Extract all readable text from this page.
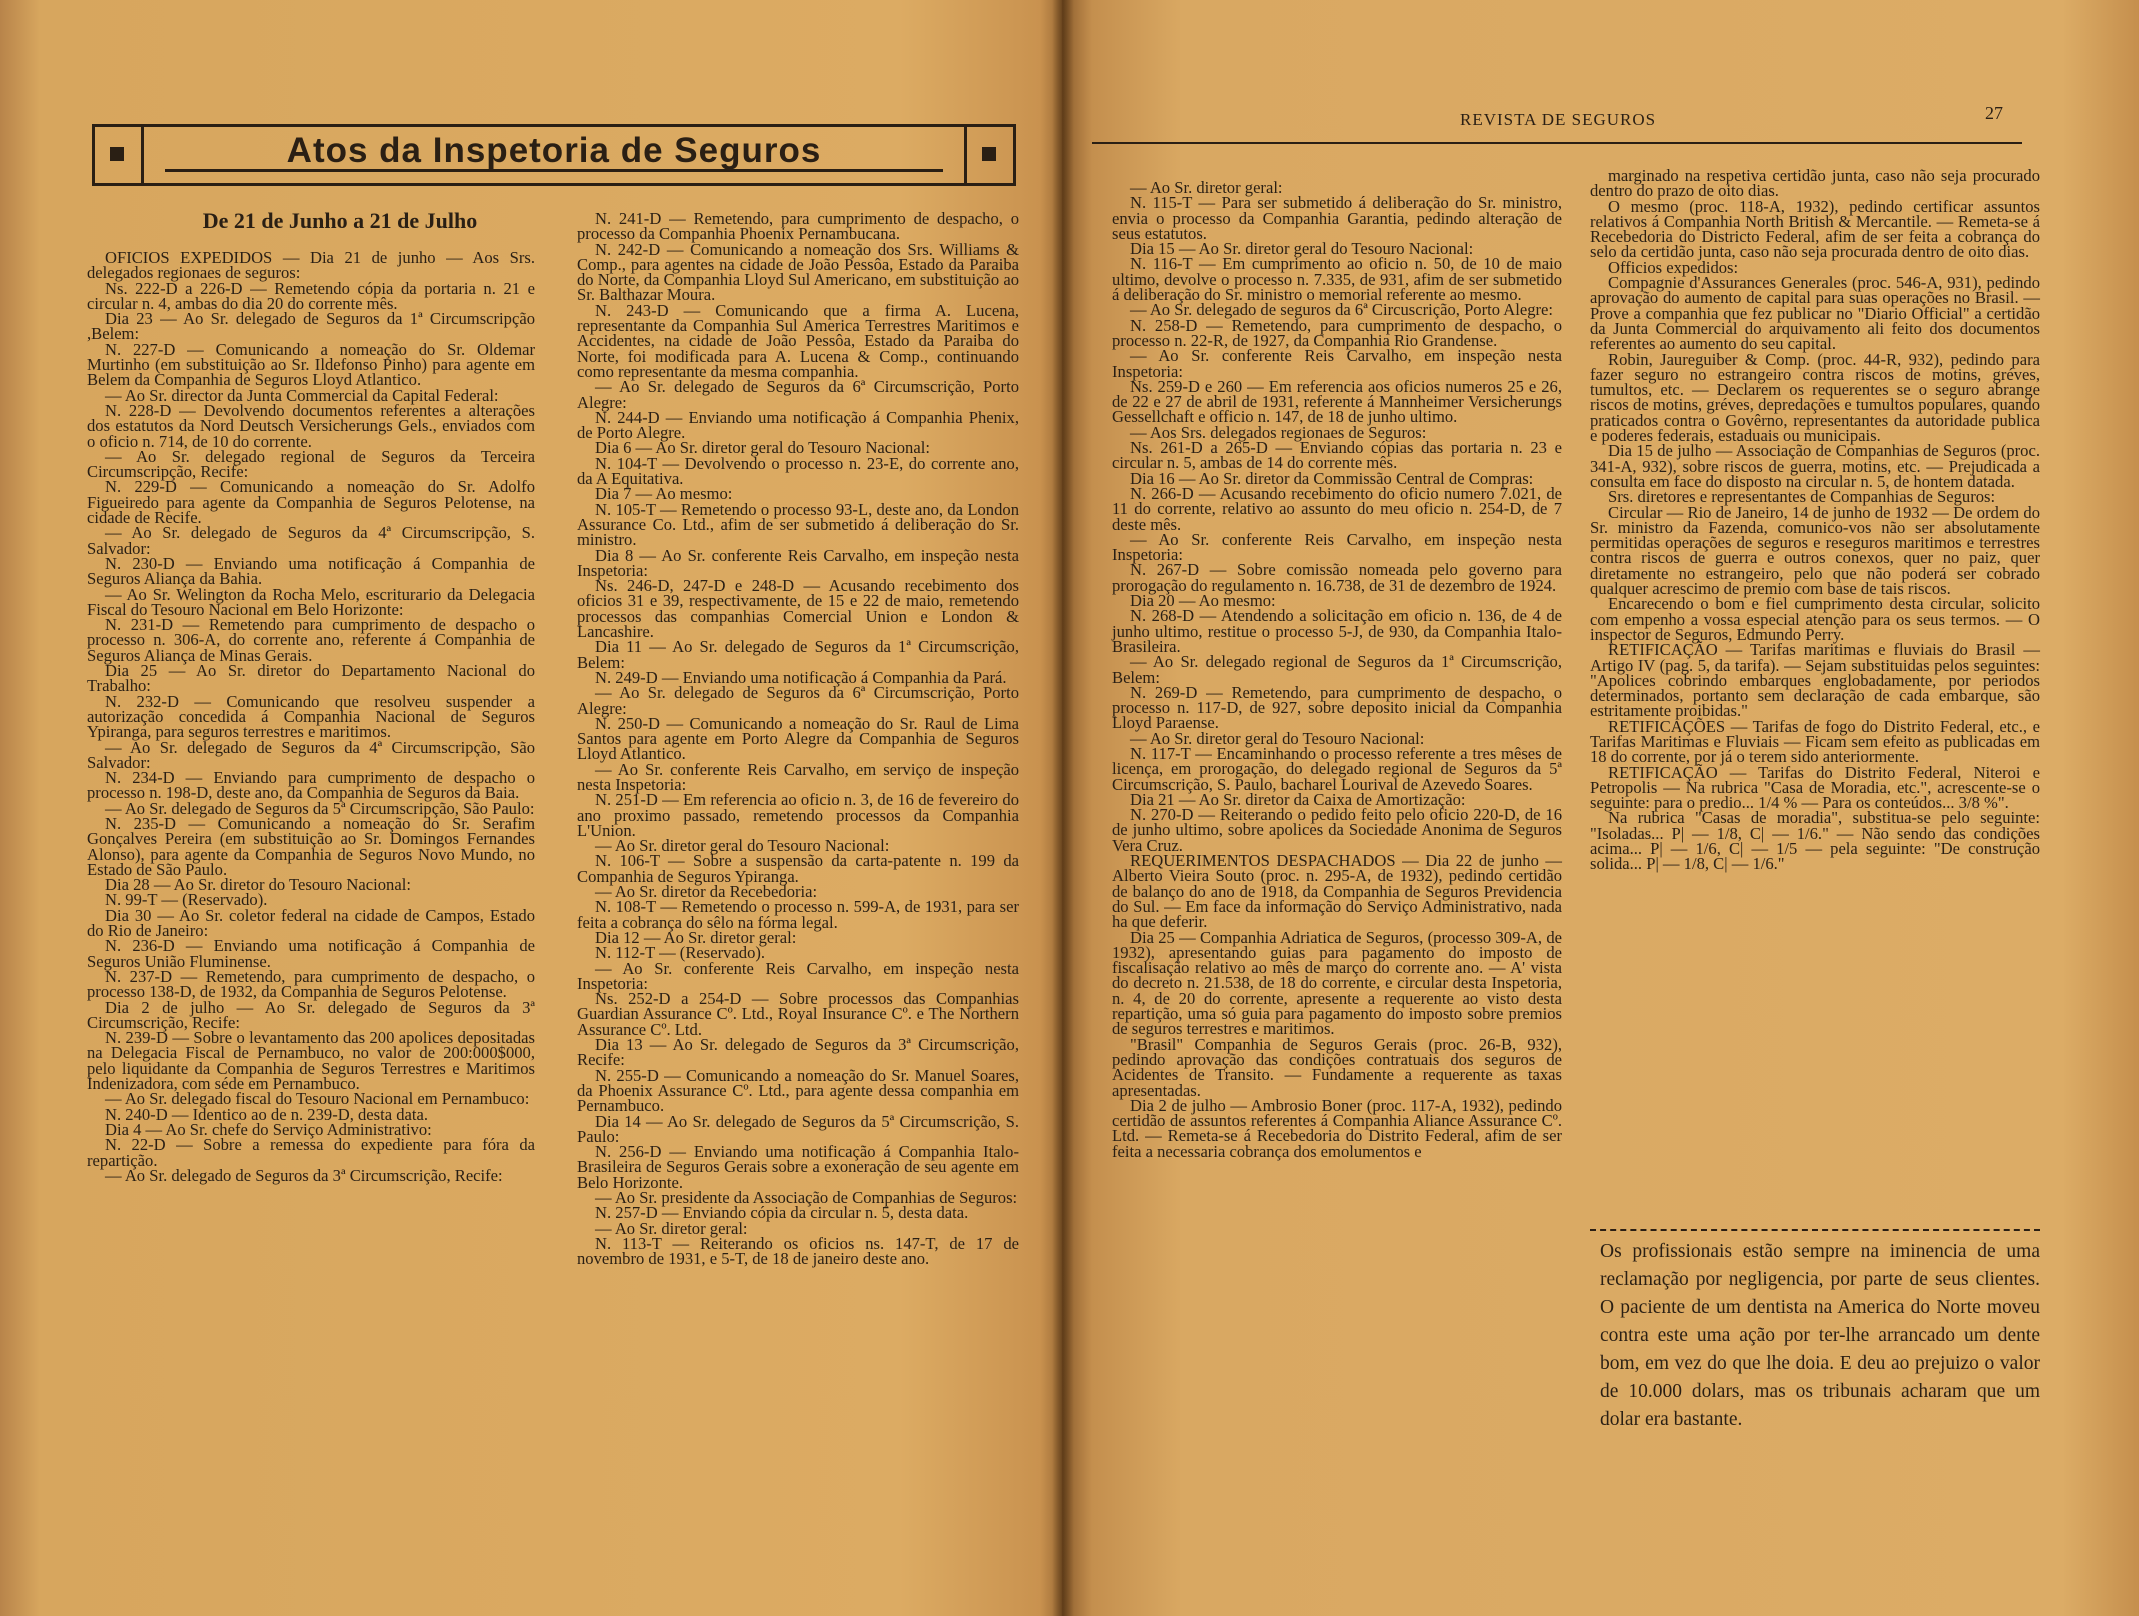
Atos da Inspetoria de Seguros
De 21 de Junho a 21 de Julho

OFICIOS EXPEDIDOS — Dia 21 de junho — Aos Srs. delegados regionaes de seguros:

Ns. 222-D a 226-D — Remetendo cópia da portaria n. 21 e circular n. 4, ambas do dia 20 do corrente mês.

Dia 23 — Ao Sr. delegado de Seguros da 1ª Circumscripção ,Belem:

N. 227-D — Comunicando a nomeação do Sr. Oldemar Murtinho (em substituição ao Sr. Ildefonso Pinho) para agente em Belem da Companhia de Seguros Lloyd Atlantico.

— Ao Sr. director da Junta Commercial da Capital Federal:

N. 228-D — Devolvendo documentos referentes a alterações dos estatutos da Nord Deutsch Versicherungs Gels., enviados com o oficio n. 714, de 10 do corrente.

— Ao Sr. delegado regional de Seguros da Terceira Circumscripção, Recife:

N. 229-D — Comunicando a nomeação do Sr. Adolfo Figueiredo para agente da Companhia de Seguros Pelotense, na cidade de Recife.

— Ao Sr. delegado de Seguros da 4ª Circumscripção, S. Salvador:

N. 230-D — Enviando uma notificação á Companhia de Seguros Aliança da Bahia.

— Ao Sr. Welington da Rocha Melo, escriturario da Delegacia Fiscal do Tesouro Nacional em Belo Horizonte:

N. 231-D — Remetendo para cumprimento de despacho o processo n. 306-A, do corrente ano, referente á Companhia de Seguros Aliança de Minas Gerais.

Dia 25 — Ao Sr. diretor do Departamento Nacional do Trabalho:

N. 232-D — Comunicando que resolveu suspender a autorização concedida á Companhia Nacional de Seguros Ypiranga, para seguros terrestres e maritimos.

— Ao Sr. delegado de Seguros da 4ª Circumscripção, São Salvador:

N. 234-D — Enviando para cumprimento de despacho o processo n. 198-D, deste ano, da Companhia de Seguros da Baia.

— Ao Sr. delegado de Seguros da 5ª Circumscripção, São Paulo:

N. 235-D — Comunicando a nomeação do Sr. Serafim Gonçalves Pereira (em substituição ao Sr. Domingos Fernandes Alonso), para agente da Companhia de Seguros Novo Mundo, no Estado de São Paulo.

Dia 28 — Ao Sr. diretor do Tesouro Nacional:

N. 99-T — (Reservado).

Dia 30 — Ao Sr. coletor federal na cidade de Campos, Estado do Rio de Janeiro:

N. 236-D — Enviando uma notificação á Companhia de Seguros União Fluminense.

N. 237-D — Remetendo, para cumprimento de despacho, o processo 138-D, de 1932, da Companhia de Seguros Pelotense.

Dia 2 de julho — Ao Sr. delegado de Seguros da 3ª Circumscrição, Recife:

N. 239-D — Sobre o levantamento das 200 apolices depositadas na Delegacia Fiscal de Pernambuco, no valor de 200:000$000, pelo liquidante da Companhia de Seguros Terrestres e Maritimos Indenizadora, com séde em Pernambuco.

— Ao Sr. delegado fiscal do Tesouro Nacional em Pernambuco:

N. 240-D — Identico ao de n. 239-D, desta data.

Dia 4 — Ao Sr. chefe do Serviço Administrativo:

N. 22-D — Sobre a remessa do expediente para fóra da repartição.

— Ao Sr. delegado de Seguros da 3ª Circumscrição, Recife:

N. 241-D — Remetendo, para cumprimento de despacho, o processo da Companhia Phoenix Pernambucana.

N. 242-D — Comunicando a nomeação dos Srs. Williams & Comp., para agentes na cidade de João Pessôa, Estado da Paraiba do Norte, da Companhia Lloyd Sul Americano, em substituição ao Sr. Balthazar Moura.

N. 243-D — Comunicando que a firma A. Lucena, representante da Companhia Sul America Terrestres Maritimos e Accidentes, na cidade de João Pessôa, Estado da Paraiba do Norte, foi modificada para A. Lucena & Comp., continuando como representante da mesma companhia.

— Ao Sr. delegado de Seguros da 6ª Circumscrição, Porto Alegre:

N. 244-D — Enviando uma notificação á Companhia Phenix, de Porto Alegre.

Dia 6 — Ao Sr. diretor geral do Tesouro Nacional:

N. 104-T — Devolvendo o processo n. 23-E, do corrente ano, da A Equitativa.

Dia 7 — Ao mesmo:

N. 105-T — Remetendo o processo 93-L, deste ano, da London Assurance Co. Ltd., afim de ser submetido á deliberação do Sr. ministro.

Dia 8 — Ao Sr. conferente Reis Carvalho, em inspeção nesta Inspetoria:

Ns. 246-D, 247-D e 248-D — Acusando recebimento dos oficios 31 e 39, respectivamente, de 15 e 22 de maio, remetendo processos das companhias Comercial Union e London & Lancashire.

Dia 11 — Ao Sr. delegado de Seguros da 1ª Circumscrição, Belem:

N. 249-D — Enviando uma notificação á Companhia da Pará.

— Ao Sr. delegado de Seguros da 6ª Circumscrição, Porto Alegre:

N. 250-D — Comunicando a nomeação do Sr. Raul de Lima Santos para agente em Porto Alegre da Companhia de Seguros Lloyd Atlantico.

— Ao Sr. conferente Reis Carvalho, em serviço de inspeção nesta Inspetoria:

N. 251-D — Em referencia ao oficio n. 3, de 16 de fevereiro do ano proximo passado, remetendo processos da Companhia L'Union.

— Ao Sr. diretor geral do Tesouro Nacional:

N. 106-T — Sobre a suspensão da carta-patente n. 199 da Companhia de Seguros Ypiranga.

— Ao Sr. diretor da Recebedoria:

N. 108-T — Remetendo o processo n. 599-A, de 1931, para ser feita a cobrança do sêlo na fórma legal.

Dia 12 — Ao Sr. diretor geral:

N. 112-T — (Reservado).

— Ao Sr. conferente Reis Carvalho, em inspeção nesta Inspetoria:

Ns. 252-D a 254-D — Sobre processos das Companhias Guardian Assurance Cº. Ltd., Royal Insurance Cº. e The Northern Assurance Cº. Ltd.

Dia 13 — Ao Sr. delegado de Seguros da 3ª Circumscrição, Recife:

N. 255-D — Comunicando a nomeação do Sr. Manuel Soares, da Phoenix Assurance Cº. Ltd., para agente dessa companhia em Pernambuco.

Dia 14 — Ao Sr. delegado de Seguros da 5ª Circumscrição, S. Paulo:

N. 256-D — Enviando uma notificação á Companhia Italo-Brasileira de Seguros Gerais sobre a exoneração de seu agente em Belo Horizonte.

— Ao Sr. presidente da Associação de Companhias de Seguros:

N. 257-D — Enviando cópia da circular n. 5, desta data.

— Ao Sr. diretor geral:

N. 113-T — Reiterando os oficios ns. 147-T, de 17 de novembro de 1931, e 5-T, de 18 de janeiro deste ano.

REVISTA DE SEGUROS	27

— Ao Sr. diretor geral:

N. 115-T — Para ser submetido á deliberação do Sr. ministro, envia o processo da Companhia Garantia, pedindo alteração de seus estatutos.

Dia 15 — Ao Sr. diretor geral do Tesouro Nacional:

N. 116-T — Em cumprimento ao oficio n. 50, de 10 de maio ultimo, devolve o processo n. 7.335, de 931, afim de ser submetido á deliberação do Sr. ministro o memorial referente ao mesmo.

— Ao Sr. delegado de seguros da 6ª Circuscrição, Porto Alegre:

N. 258-D — Remetendo, para cumprimento de despacho, o processo n. 22-R, de 1927, da Companhia Rio Grandense.

— Ao Sr. conferente Reis Carvalho, em inspeção nesta Inspetoria:

Ns. 259-D e 260 — Em referencia aos oficios numeros 25 e 26, de 22 e 27 de abril de 1931, referente á Mannheimer Versicherungs Gessellchaft e officio n. 147, de 18 de junho ultimo.

— Aos Srs. delegados regionaes de Seguros:

Ns. 261-D a 265-D — Enviando cópias das portaria n. 23 e circular n. 5, ambas de 14 do corrente mês.

Dia 16 — Ao Sr. diretor da Commissão Central de Compras:

N. 266-D — Acusando recebimento do oficio numero 7.021, de 11 do corrente, relativo ao assunto do meu oficio n. 254-D, de 7 deste mês.

— Ao Sr. conferente Reis Carvalho, em inspeção nesta Inspetoria:

N. 267-D — Sobre comissão nomeada pelo governo para prorogação do regulamento n. 16.738, de 31 de dezembro de 1924.

Dia 20 — Ao mesmo:

N. 268-D — Atendendo a solicitação em oficio n. 136, de 4 de junho ultimo, restitue o processo 5-J, de 930, da Companhia Italo-Brasileira.

— Ao Sr. delegado regional de Seguros da 1ª Circumscrição, Belem:

N. 269-D — Remetendo, para cumprimento de despacho, o processo n. 117-D, de 927, sobre deposito inicial da Companhia Lloyd Paraense.

— Ao Sr. diretor geral do Tesouro Nacional:

N. 117-T — Encaminhando o processo referente a tres mêses de licença, em prorogação, do delegado regional de Seguros da 5ª Circumscrição, S. Paulo, bacharel Lourival de Azevedo Soares.

Dia 21 — Ao Sr. diretor da Caixa de Amortização:

N. 270-D — Reiterando o pedido feito pelo oficio 220-D, de 16 de junho ultimo, sobre apolices da Sociedade Anonima de Seguros Vera Cruz.

REQUERIMENTOS DESPACHADOS — Dia 22 de junho — Alberto Vieira Souto (proc. n. 295-A, de 1932), pedindo certidão de balanço do ano de 1918, da Companhia de Seguros Previdencia do Sul. — Em face da informação do Serviço Administrativo, nada ha que deferir.

Dia 25 — Companhia Adriatica de Seguros, (processo 309-A, de 1932), apresentando guias para pagamento do imposto de fiscalisação relativo ao mês de março do corrente ano. — A' vista do decreto n. 21.538, de 18 do corrente, e circular desta Inspetoria, n. 4, de 20 do corrente, apresente a requerente ao visto desta repartição, uma só guia para pagamento do imposto sobre premios de seguros terrestres e maritimos.

"Brasil" Companhia de Seguros Gerais (proc. 26-B, 932), pedindo aprovação das condições contratuais dos seguros de Acidentes de Transito. — Fundamente a requerente as taxas apresentadas.

Dia 2 de julho — Ambrosio Boner (proc. 117-A, 1932), pedindo certidão de assuntos referentes á Companhia Aliance Assurance Cº. Ltd. — Remeta-se á Recebedoria do Distrito Federal, afim de ser feita a necessaria cobrança dos emolumentos e

marginado na respetiva certidão junta, caso não seja procurado dentro do prazo de oito dias.

O mesmo (proc. 118-A, 1932), pedindo certificar assuntos relativos á Companhia North British & Mercantile. — Remeta-se á Recebedoria do Districto Federal, afim de ser feita a cobrança do selo da certidão junta, caso não seja procurada dentro de oito dias.

Officios expedidos:

Compagnie d'Assurances Generales (proc. 546-A, 931), pedindo aprovação do aumento de capital para suas operações no Brasil. — Prove a companhia que fez publicar no "Diario Official" a certidão da Junta Commercial do arquivamento ali feito dos documentos referentes ao aumento do seu capital.

Robin, Jaureguiber & Comp. (proc. 44-R, 932), pedindo para fazer seguro no estrangeiro contra riscos de motins, gréves, tumultos, etc. — Declarem os requerentes se o seguro abrange riscos de motins, gréves, depredações e tumultos populares, quando praticados contra o Govêrno, representantes da autoridade publica e poderes federais, estaduais ou municipais.

Dia 15 de julho — Associação de Companhias de Seguros (proc. 341-A, 932), sobre riscos de guerra, motins, etc. — Prejudicada a consulta em face do disposto na circular n. 5, de hontem datada.

Srs. diretores e representantes de Companhias de Seguros:

Circular — Rio de Janeiro, 14 de junho de 1932 — De ordem do Sr. ministro da Fazenda, comunico-vos não ser absolutamente permitidas operações de seguros e reseguros maritimos e terrestres contra riscos de guerra e outros conexos, quer no paiz, quer diretamente no estrangeiro, pelo que não poderá ser cobrado qualquer acrescimo de premio com base de tais riscos.

Encarecendo o bom e fiel cumprimento desta circular, solicito com empenho a vossa especial atenção para os seus termos. — O inspector de Seguros, Edmundo Perry.

RETIFICAÇÃO — Tarifas maritimas e fluviais do Brasil — Artigo IV (pag. 5, da tarifa). — Sejam substituidas pelos seguintes: "Apolices cobrindo embarques englobadamente, por periodos determinados, portanto sem declaração de cada embarque, são estritamente proibidas."

RETIFICAÇÕES — Tarifas de fogo do Distrito Federal, etc., e Tarifas Maritimas e Fluviais — Ficam sem efeito as publicadas em 18 do corrente, por já o terem sido anteriormente.

RETIFICAÇÃO — Tarifas do Distrito Federal, Niteroi e Petropolis — Na rubrica "Casa de Moradia, etc.", acrescente-se o seguinte: para o predio... 1/4 % — Para os conteúdos... 3/8 %".

Na rubrica "Casas de moradia", substitua-se pelo seguinte: "Isoladas... P| — 1/8, C| — 1/6." — Não sendo das condições acima... P| — 1/6, C| — 1/5 — pela seguinte: "De construção solida... P| — 1/8, C| — 1/6."

Os profissionais estão sempre na iminencia de uma reclamação por negligencia, por parte de seus clientes. O paciente de um dentista na America do Norte moveu contra este uma ação por ter-lhe arrancado um dente bom, em vez do que lhe doia. E deu ao prejuizo o valor de 10.000 dolars, mas os tribunais acharam que um dolar era bastante.
